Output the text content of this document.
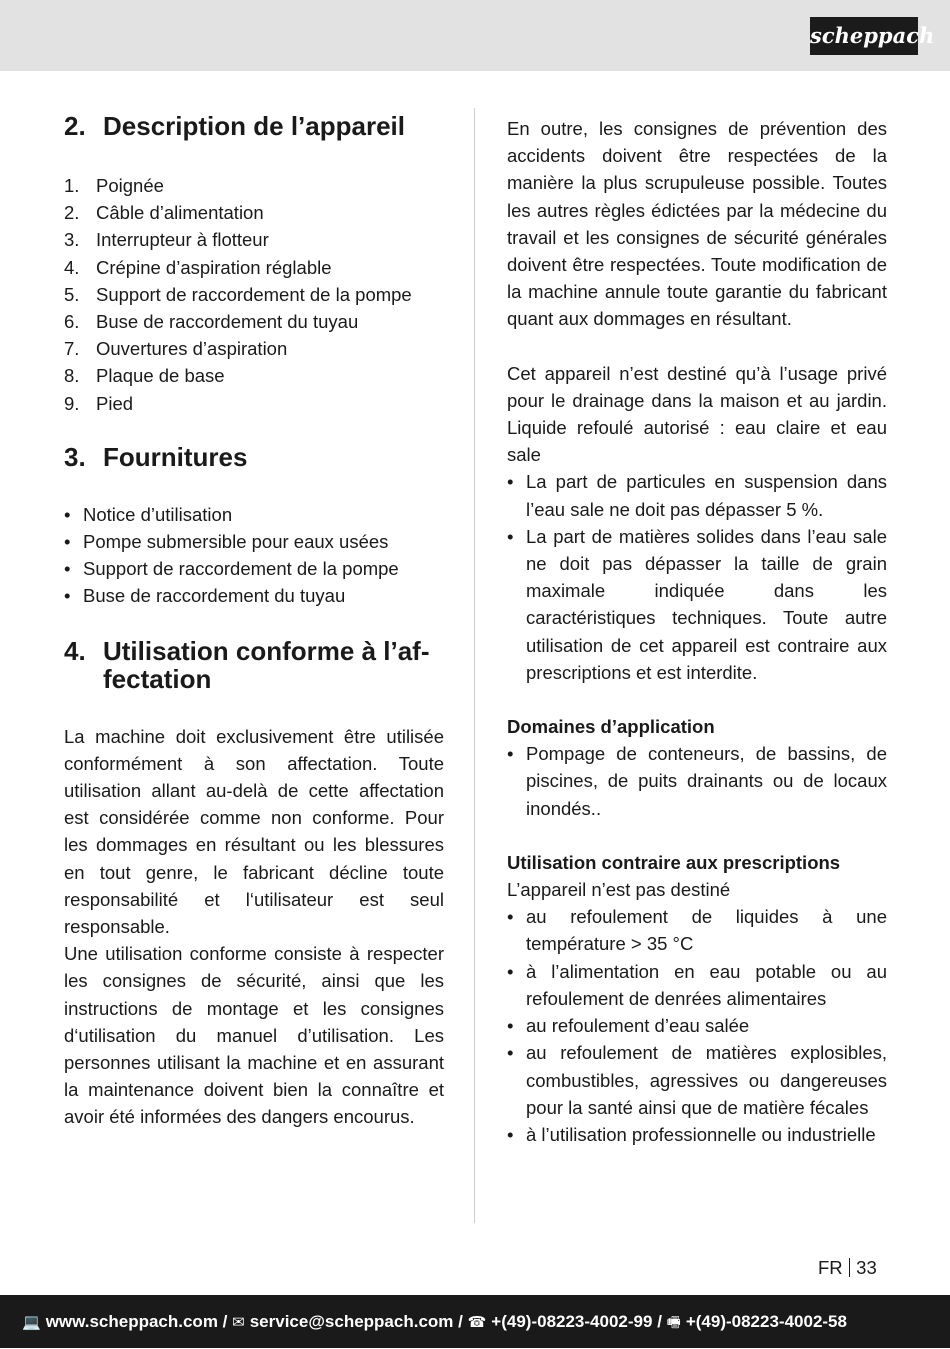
scheppach
2. Description de l’appareil
1. Poignée
2. Câble d’alimentation
3. Interrupteur à flotteur
4. Crépine d’aspiration réglable
5. Support de raccordement de la pompe
6. Buse de raccordement du tuyau
7. Ouvertures d’aspiration
8. Plaque de base
9. Pied
3. Fournitures
• Notice d’utilisation
• Pompe submersible pour eaux usées
• Support de raccordement de la pompe
• Buse de raccordement du tuyau
4. Utilisation conforme à l’af-
fectation

La machine doit exclusivement être utilisée conformément à son affectation. Toute utilisation allant au-delà de cette affectation est considérée comme non conforme. Pour les dommages en résultant ou les blessures en tout genre, le fabricant décline toute responsabilité et l‘utilisateur est seul responsable.

Une utilisation conforme consiste à respecter les consignes de sécurité, ainsi que les instructions de montage et les consignes d‘utilisation du manuel d’utilisation. Les personnes utilisant la machine et en assurant la maintenance doivent bien la connaître et avoir été informées des dangers encourus.

En outre, les consignes de prévention des accidents doivent être respectées de la manière la plus scrupuleuse possible. Toutes les autres règles édictées par la médecine du travail et les consignes de sécurité générales doivent être respectées. Toute modification de la machine annule toute garantie du fabricant quant aux dommages en résultant.

Cet appareil n’est destiné qu’à l’usage privé pour le drainage dans la maison et au jardin. Liquide refoulé autorisé : eau claire et eau sale

• La part de particules en suspension dans l’eau sale ne doit pas dépasser 5 %.
• La part de matières solides dans l’eau sale ne doit pas dépasser la taille de grain maximale indiquée dans les caractéristiques techniques. Toute autre utilisation de cet appareil est contraire aux prescriptions et est interdite.

Domaines d’application

• Pompage de conteneurs, de bassins, de piscines, de puits drainants ou de locaux inondés..

Utilisation contraire aux prescriptions

L’appareil n’est pas destiné

• au refoulement de liquides à une température > 35 °C
• à l’alimentation en eau potable ou au refoulement de denrées alimentaires
• au refoulement d’eau salée
• au refoulement de matières explosibles, combustibles, agressives ou dangereuses pour la santé ainsi que de matière fécales
• à l’utilisation professionnelle ou industrielle
FR 33
💻 www.scheppach.com / ✉ service@scheppach.com / ☎ +(49)-08223-4002-99 / 🖷 +(49)-08223-4002-58
